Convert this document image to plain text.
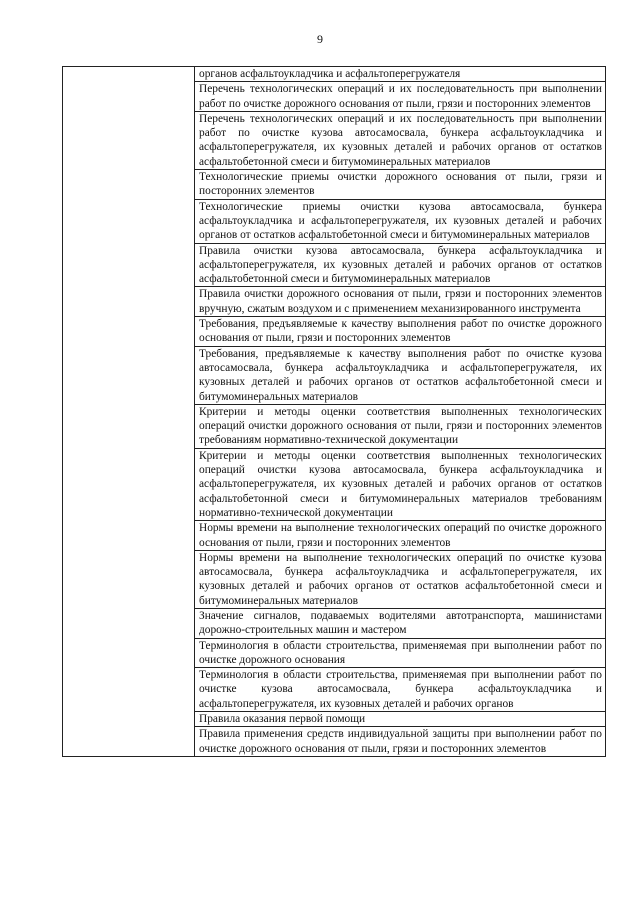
9
	органов асфальтоукладчика и асфальтоперегружателя
Перечень технологических операций и их последовательность при выполнении работ по очистке дорожного основания от пыли, грязи и посторонних элементов
Перечень технологических операций и их последовательность при выполнении работ по очистке кузова автосамосвала, бункера асфальтоукладчика и асфальтоперегружателя, их кузовных деталей и рабочих органов от остатков асфальтобетонной смеси и битумоминеральных материалов
Технологические приемы очистки дорожного основания от пыли, грязи и посторонних элементов
Технологические приемы очистки кузова автосамосвала, бункера асфальтоукладчика и асфальтоперегружателя, их кузовных деталей и рабочих органов от остатков асфальтобетонной смеси и битумоминеральных материалов
Правила очистки кузова автосамосвала, бункера асфальтоукладчика и асфальтоперегружателя, их кузовных деталей и рабочих органов от остатков асфальтобетонной смеси и битумоминеральных материалов
Правила очистки дорожного основания от пыли, грязи и посторонних элементов вручную, сжатым воздухом и с применением механизированного инструмента
Требования, предъявляемые к качеству выполнения работ по очистке дорожного основания от пыли, грязи и посторонних элементов
Требования, предъявляемые к качеству выполнения работ по очистке кузова автосамосвала, бункера асфальтоукладчика и асфальтоперегружателя, их кузовных деталей и рабочих органов от остатков асфальтобетонной смеси и битумоминеральных материалов
Критерии и методы оценки соответствия выполненных технологических операций очистки дорожного основания от пыли, грязи и посторонних элементов требованиям нормативно-технической документации
Критерии и методы оценки соответствия выполненных технологических операций очистки кузова автосамосвала, бункера асфальтоукладчика и асфальтоперегружателя, их кузовных деталей и рабочих органов от остатков асфальтобетонной смеси и битумоминеральных материалов требованиям нормативно-технической документации
Нормы времени на выполнение технологических операций по очистке дорожного основания от пыли, грязи и посторонних элементов
Нормы времени на выполнение технологических операций по очистке кузова автосамосвала, бункера асфальтоукладчика и асфальтоперегружателя, их кузовных деталей и рабочих органов от остатков асфальтобетонной смеси и битумоминеральных материалов
Значение сигналов, подаваемых водителями автотранспорта, машинистами дорожно-строительных машин и мастером
Терминология в области строительства, применяемая при выполнении работ по очистке дорожного основания
Терминология в области строительства, применяемая при выполнении работ по очистке кузова автосамосвала, бункера асфальтоукладчика и асфальтоперегружателя, их кузовных деталей и рабочих органов
Правила оказания первой помощи
Правила применения средств индивидуальной защиты при выполнении работ по очистке дорожного основания от пыли, грязи и посторонних элементов
